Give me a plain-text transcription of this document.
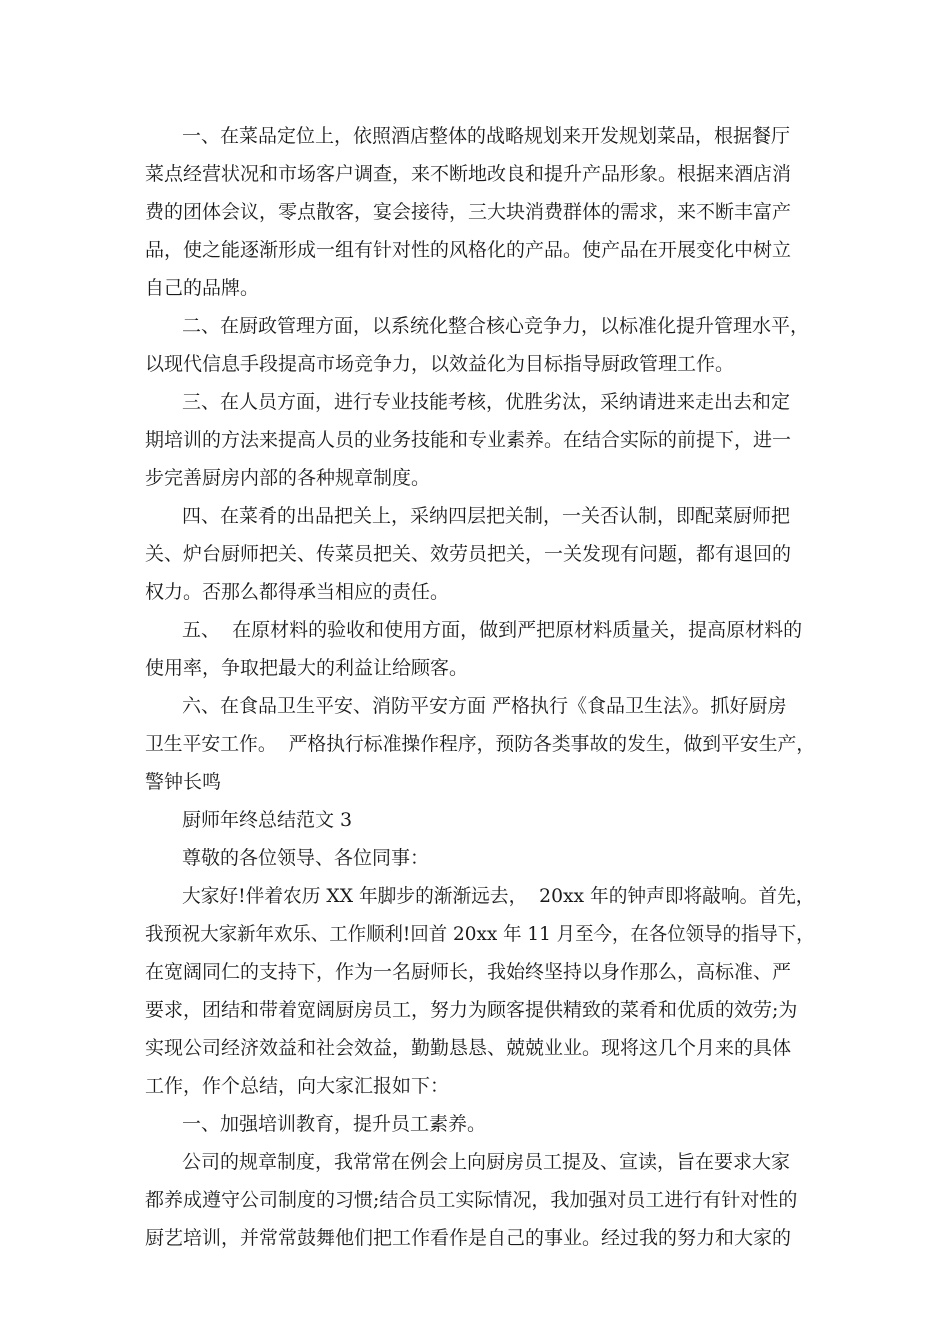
一、在菜品定位上，依照酒店整体的战略规划来开发规划菜品，根据餐厅
菜点经营状况和市场客户调查，来不断地改良和提升产品形象。根据来酒店消
费的团体会议，零点散客，宴会接待，三大块消费群体的需求，来不断丰富产
品，使之能逐渐形成一组有针对性的风格化的产品。使产品在开展变化中树立
自己的品牌。
二、在厨政管理方面，以系统化整合核心竞争力，以标准化提升管理水平，
以现代信息手段提高市场竞争力，以效益化为目标指导厨政管理工作。
三、在人员方面，进行专业技能考核，优胜劣汰，采纳请进来走出去和定
期培训的方法来提高人员的业务技能和专业素养。在结合实际的前提下，进一
步完善厨房内部的各种规章制度。
四、在菜肴的出品把关上，采纳四层把关制，一关否认制，即配菜厨师把
关、炉台厨师把关、传菜员把关、效劳员把关，一关发现有问题，都有退回的
权力。否那么都得承当相应的责任。
五、  在原材料的验收和使用方面，做到严把原材料质量关，提高原材料的
使用率，争取把最大的利益让给顾客。
六、在食品卫生平安、消防平安方面 严格执行《食品卫生法》。抓好厨房
卫生平安工作。  严格执行标准操作程序，预防各类事故的发生，做到平安生产，
警钟长鸣
厨师年终总结范文 3
尊敬的各位领导、各位同事：
大家好!伴着农历 XX 年脚步的渐渐远去，  20xx 年的钟声即将敲响。首先，
我预祝大家新年欢乐、工作顺利!回首 20xx 年 11 月至今，在各位领导的指导下，
在宽阔同仁的支持下，作为一名厨师长，我始终坚持以身作那么，高标准、严
要求，团结和带着宽阔厨房员工，努力为顾客提供精致的菜肴和优质的效劳;为
实现公司经济效益和社会效益，勤勤恳恳、兢兢业业。现将这几个月来的具体
工作，作个总结，向大家汇报如下：
一、加强培训教育，提升员工素养。
公司的规章制度，我常常在例会上向厨房员工提及、宣读，旨在要求大家
都养成遵守公司制度的习惯;结合员工实际情况，我加强对员工进行有针对性的
厨艺培训，并常常鼓舞他们把工作看作是自己的事业。经过我的努力和大家的
